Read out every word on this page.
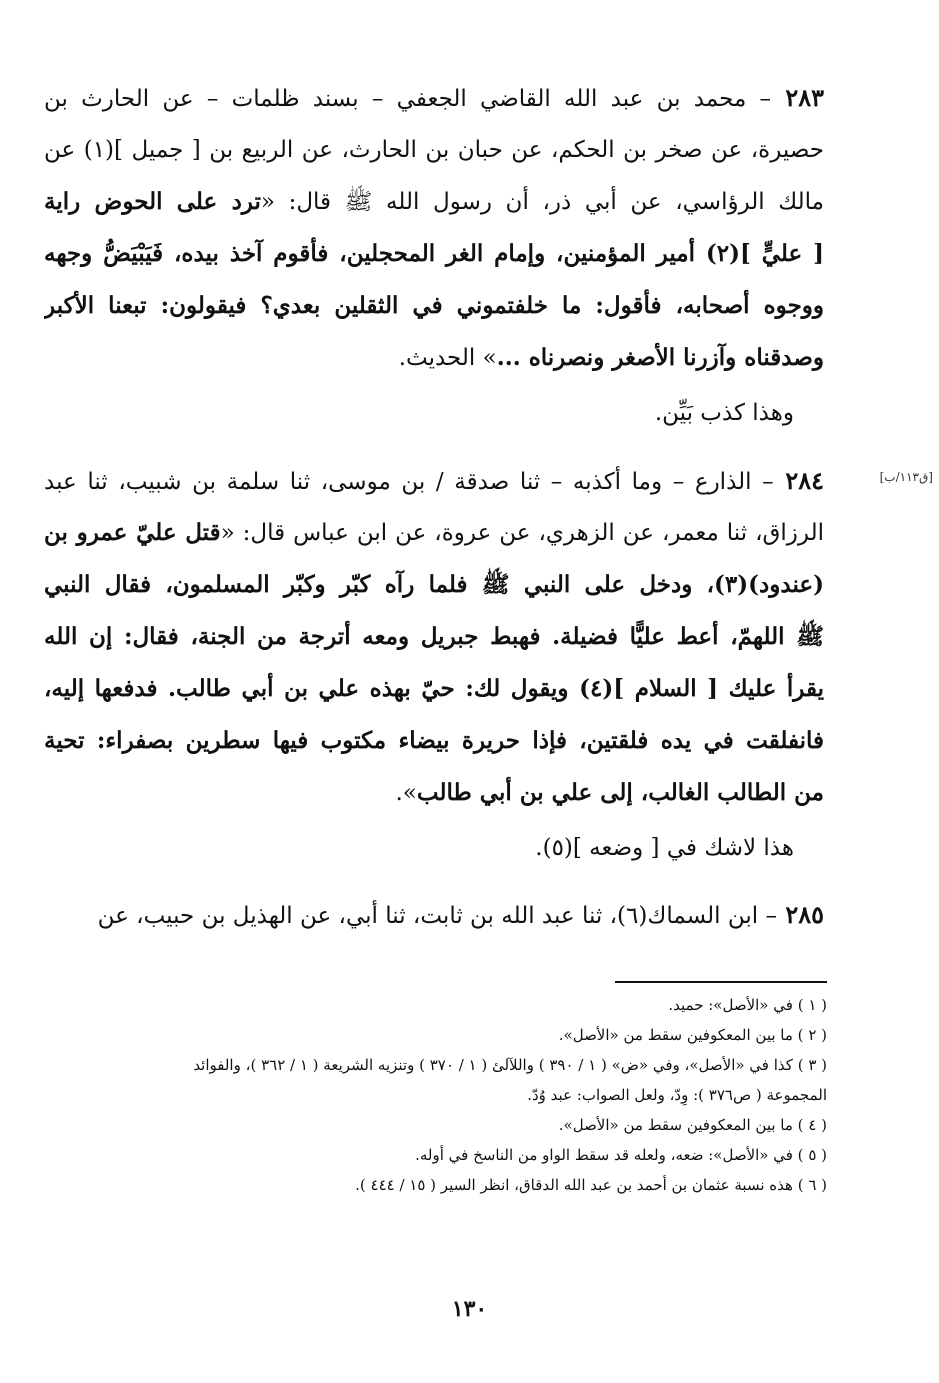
[ق١١٣/ب]
٢٨٣ – محمد بن عبد الله القاضي الجعفي – بسند ظلمات – عن الحارث بن
حصيرة، عن صخر بن الحكم، عن حبان بن الحارث، عن الربيع بن [ جميل ](١) عن
مالك الرؤاسي، عن أبي ذر، أن رسول الله ﷺ قال: «ترد على الحوض راية
[ عليٍّ ](٢) أمير المؤمنين، وإمام الغر المحجلين، فأقوم آخذ بيده، فَيَبْيَضُّ وجهه
ووجوه أصحابه، فأقول: ما خلفتموني في الثقلين بعدي؟ فيقولون: تبعنا الأكبر
وصدقناه وآزرنا الأصغر ونصرناه ...» الحديث.
وهذا كذب بَيِّن.
٢٨٤ – الذارع – وما أكذبه – ثنا صدقة / بن موسى، ثنا سلمة بن شبيب، ثنا عبد
الرزاق، ثنا معمر، عن الزهري، عن عروة، عن ابن عباس قال: «قتل عليّ عمرو بن
(عندود)(٣)، ودخل على النبي ﷺ فلما رآه كبّر وكبّر المسلمون، فقال النبي
ﷺ اللهمّ، أعط عليًّا فضيلة. فهبط جبريل ومعه أترجة من الجنة، فقال: إن الله
يقرأ عليك [ السلام ](٤) ويقول لك: حيّ بهذه علي بن أبي طالب. فدفعها إليه،
فانفلقت في يده فلقتين، فإذا حريرة بيضاء مكتوب فيها سطرين بصفراء: تحية
من الطالب الغالب، إلى علي بن أبي طالب».
هذا لاشك في [ وضعه ](٥).
٢٨٥ – ابن السماك(٦)، ثنا عبد الله بن ثابت، ثنا أبي، عن الهذيل بن حبيب، عن
( ١ ) في «الأصل»: حميد.
( ٢ ) ما بين المعكوفين سقط من «الأصل».
( ٣ ) كذا في «الأصل»، وفي «ض» ( ١ / ٣٩٠ ) واللآلئ ( ١ / ٣٧٠ ) وتنزيه الشريعة ( ١ / ٣٦٢ )، والفوائد
المجموعة ( ص٣٧٦ ): وِدّ، ولعل الصواب: عبد وُدّ.
( ٤ ) ما بين المعكوفين سقط من «الأصل».
( ٥ ) في «الأصل»: ضعه، ولعله قد سقط الواو من الناسخ في أوله.
( ٦ ) هذه نسبة عثمان بن أحمد بن عبد الله الدقاق، انظر السير ( ١٥ / ٤٤٤ ).
١٣٠
